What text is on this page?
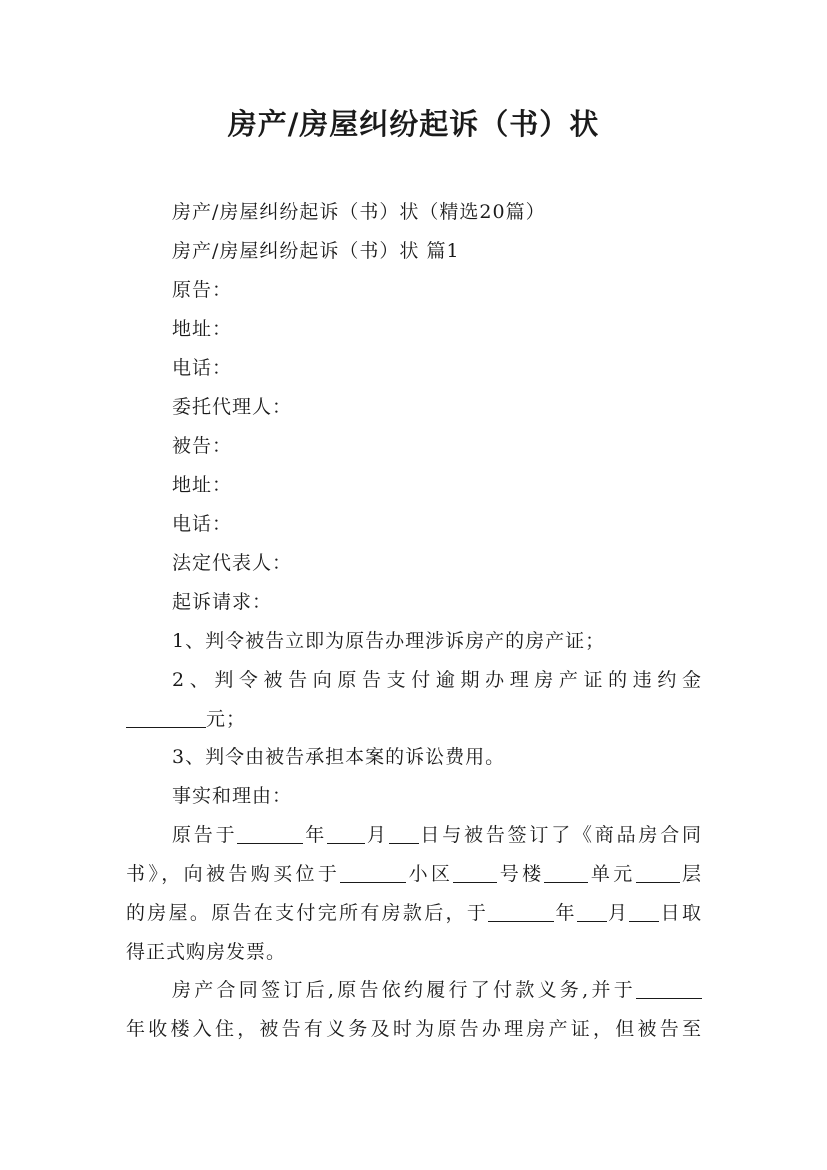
房产/房屋纠纷起诉（书）状
房产/房屋纠纷起诉（书）状（精选20篇）
房产/房屋纠纷起诉（书）状 篇1
原告：
地址：
电话：
委托代理人：
被告：
地址：
电话：
法定代表人：
起诉请求：
1、判令被告立即为原告办理涉诉房产的房产证；
2、判令被告向原告支付逾期办理房产证的违约金
元；
3、判令由被告承担本案的诉讼费用。
事实和理由：
原告于	年 月 日与被告签订了《商品房合同
书》，向被告购买位于	小区 号楼 单元 层
的房屋。原告在支付完所有房款后，于	年 月 日取
得正式购房发票。
房产合同签订后,原告依约履行了付款义务,并于
年收楼入住，被告有义务及时为原告办理房产证，但被告至
